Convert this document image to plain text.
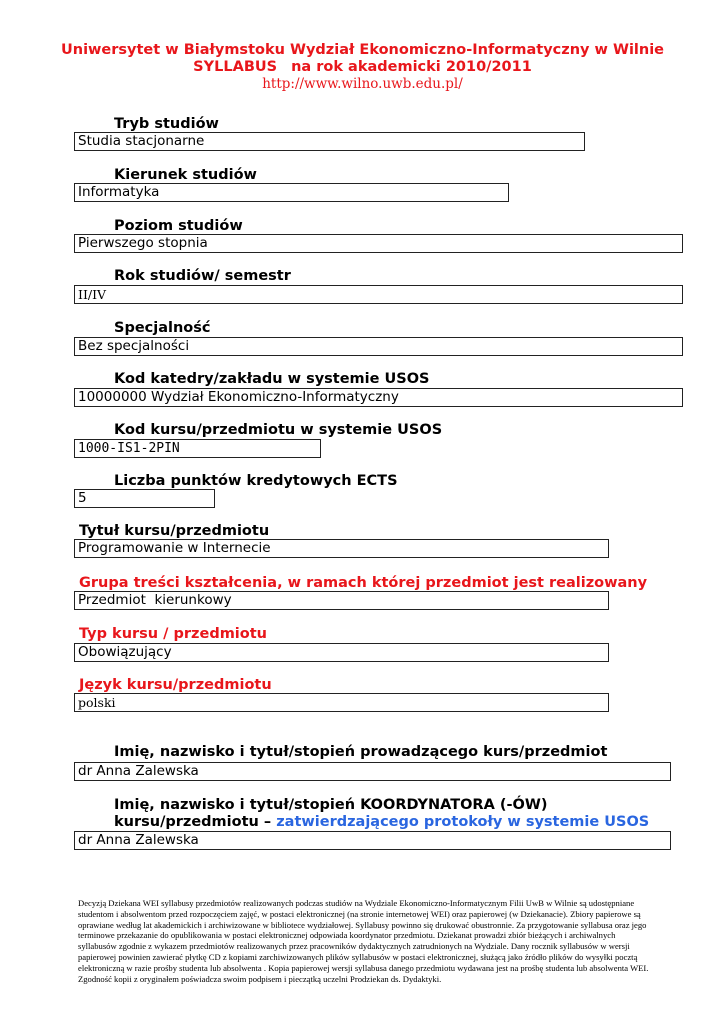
Uniwersytet w Białymstoku Wydział Ekonomiczno-Informatyczny w Wilnie
SYLLABUS na rok akademicki 2010/2011
http://www.wilno.uwb.edu.pl/
Tryb studiów
Studia stacjonarne
Kierunek studiów
Informatyka
Poziom studiów
Pierwszego stopnia
Rok studiów/ semestr
II/IV
Specjalność
Bez specjalności
Kod katedry/zakładu w systemie USOS
10000000 Wydział Ekonomiczno-Informatyczny
Kod kursu/przedmiotu w systemie USOS
1000-IS1-2PIN
Liczba punktów kredytowych ECTS
5
Tytuł kursu/przedmiotu
Programowanie w Internecie
Grupa treści kształcenia, w ramach której przedmiot jest realizowany
Przedmiot  kierunkowy
Typ kursu / przedmiotu
Obowiązujący
Język kursu/przedmiotu
polski
Imię, nazwisko i tytuł/stopień prowadzącego kurs/przedmiot
dr Anna Zalewska
Imię, nazwisko i tytuł/stopień KOORDYNATORA (-ÓW)
kursu/przedmiotu – zatwierdzającego protokoły w systemie USOS
dr Anna Zalewska
Decyzją Dziekana WEI syllabusy przedmiotów realizowanych podczas studiów na Wydziale Ekonomiczno-Informatycznym Filii UwB w Wilnie są udostępniane studentom i absolwentom przed rozpoczęciem zajęć, w postaci elektronicznej (na stronie internetowej WEI) oraz papierowej (w Dziekanacie). Zbiory papierowe są oprawiane według lat akademickich i archiwizowane w bibliotece wydziałowej. Syllabusy powinno się drukować obustronnie. Za przygotowanie syllabusa oraz jego terminowe przekazanie do opublikowania w postaci elektronicznej odpowiada koordynator przedmiotu. Dziekanat prowadzi zbiór bieżących i archiwalnych syllabusów zgodnie z wykazem przedmiotów realizowanych przez pracowników dydaktycznych zatrudnionych na Wydziale. Dany rocznik syllabusów w wersji papierowej powinien zawierać płytkę CD z kopiami zarchiwizowanych plików syllabusów w postaci elektronicznej, służącą jako źródło plików do wysyłki pocztą elektroniczną w razie prośby studenta lub absolwenta . Kopia papierowej wersji syllabusa danego przedmiotu wydawana jest na prośbę studenta lub absolwenta WEI. Zgodność kopii z oryginałem poświadcza swoim podpisem i pieczątką uczelni Prodziekan ds. Dydaktyki.
